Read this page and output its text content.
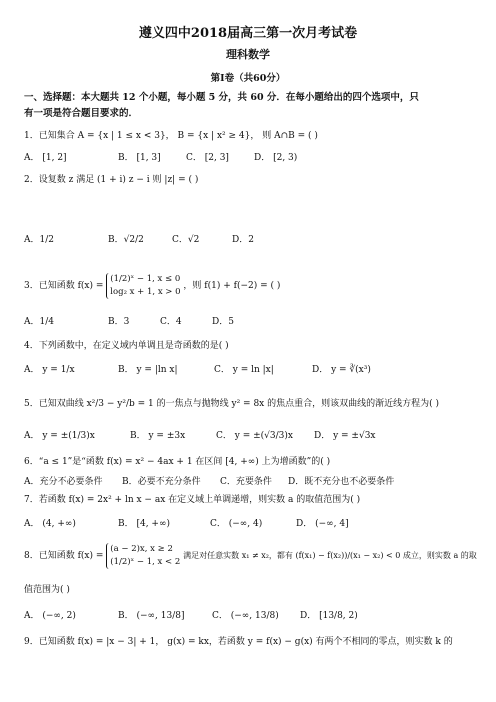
遵义四中2018届高三第一次月考试卷
理科数学
第Ⅰ卷（共60分）
一、选择题：本大题共 12 个小题，每小题 5 分，共 60 分．在每小题给出的四个选项中，只
有一项是符合题目要求的．
1．已知集合 A = {x | 1 ≤ x < 3}， B = {x | x² ≥ 4}， 则 A∩B = ( )
A． [1, 2]	B． [1, 3]	C． [2, 3]	D． [2, 3)
2．设复数 z 满足 (1 + i) z − i 则 |z| = ( )
A．1/2	B．√2/2	C．√2	D．2
3．已知函数 f(x) =
(1/2)ˣ − 1, x ≤ 0
log₂ x + 1, x > 0
，则 f(1) + f(−2) = ( )
A．1/4	B．3	C．4	D．5
4．下列函数中，在定义域内单调且是奇函数的是( )
A． y = 1/x	B． y = |ln x|	C． y = ln |x|	D． y = ∛(x³)
5．已知双曲线 x²/3 − y²/b = 1 的一焦点与抛物线 y² = 8x 的焦点重合，则该双曲线的渐近线方程为( )
A． y = ±(1/3)x	B． y = ±3x	C． y = ±(√3/3)x D． y = ±√3x
6．“a ≤ 1”是“函数 f(x) = x² − 4ax + 1 在区间 [4, +∞) 上为增函数”的( )
A．充分不必要条件 B．必要不充分条件 C．充要条件 D．既不充分也不必要条件
7．若函数 f(x) = 2x² + ln x − ax 在定义域上单调递增，则实数 a 的取值范围为( )
A． (4, +∞)	B． [4, +∞)	C． (−∞, 4)	D． (−∞, 4]
8．已知函数 f(x) =
(a − 2)x, x ≥ 2
(1/2)ˣ − 1, x < 2
满足对任意实数 x₁ ≠ x₂，都有 (f(x₁) − f(x₂))/(x₁ − x₂) < 0 成立，则实数 a 的取
值范围为( )
A． (−∞, 2)	B． (−∞, 13/8]	C． (−∞, 13/8) D． [13/8, 2)
9．已知函数 f(x) = |x − 3| + 1， g(x) = kx，若函数 y = f(x) − g(x) 有两个不相同的零点，则实数 k 的
